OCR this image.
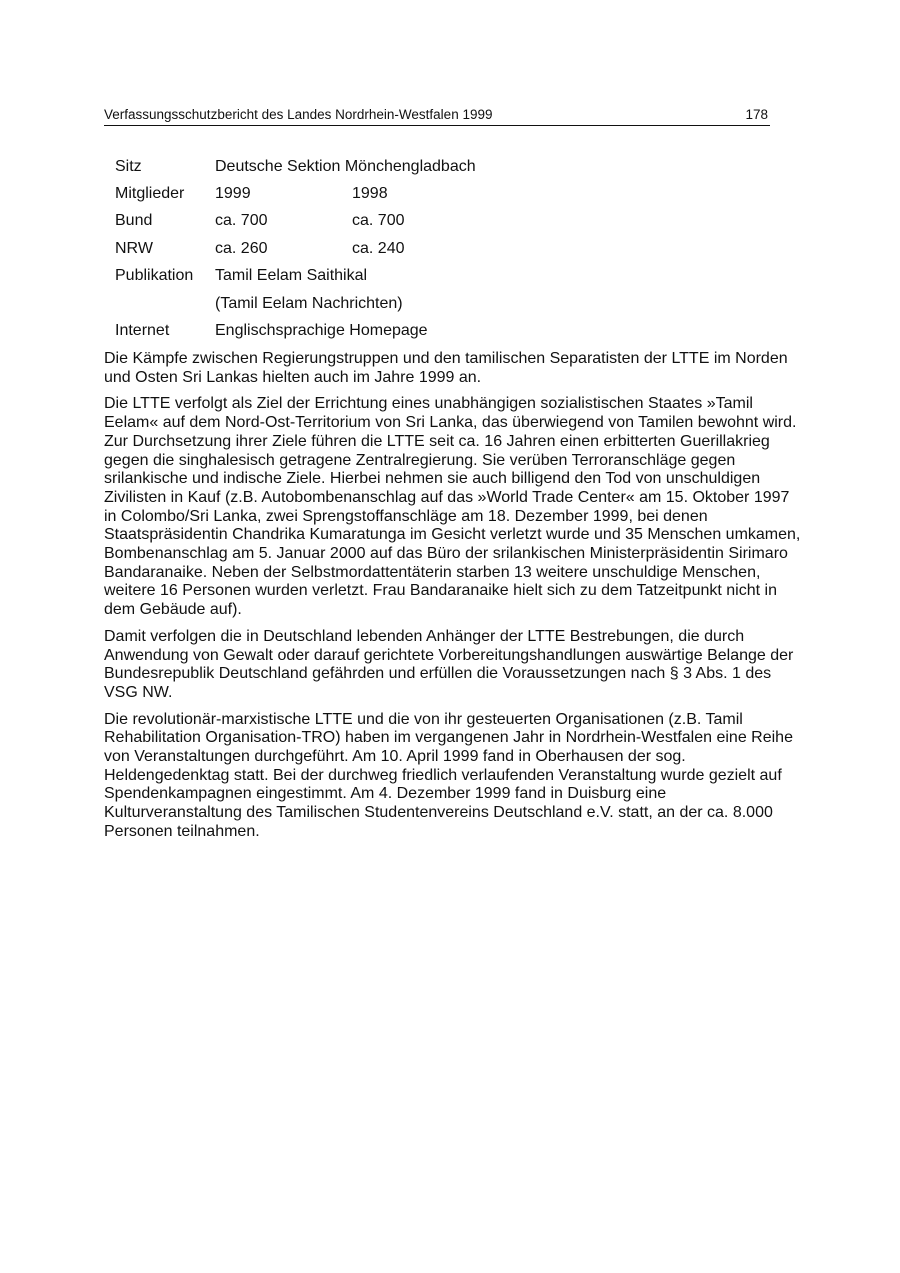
Verfassungsschutzbericht des Landes Nordrhein-Westfalen 1999	178
Sitz	Deutsche Sektion Mönchengladbach	
Mitglieder	1999	1998
Bund	ca. 700	ca. 700
NRW	ca. 260	ca. 240
Publikation	Tamil Eelam Saithikal	
	(Tamil Eelam Nachrichten)	
Internet	Englischsprachige Homepage	

Die Kämpfe zwischen Regierungstruppen und den tamilischen Separatisten der LTTE im Norden und Osten Sri Lankas hielten auch im Jahre 1999 an.

Die LTTE verfolgt als Ziel der Errichtung eines unabhängigen sozialistischen Staates »Tamil Eelam« auf dem Nord-Ost-Territorium von Sri Lanka, das überwiegend von Tamilen bewohnt wird. Zur Durchsetzung ihrer Ziele führen die LTTE seit ca. 16 Jahren einen erbitterten Guerillakrieg gegen die singhalesisch getragene Zentralregierung. Sie verüben Terroranschläge gegen srilankische und indische Ziele. Hierbei nehmen sie auch billigend den Tod von unschuldigen Zivilisten in Kauf (z.B. Autobombenanschlag auf das »World Trade Center« am 15. Oktober 1997 in Colombo/Sri Lanka, zwei Sprengstoffanschläge am 18. Dezember 1999, bei denen Staatspräsidentin Chandrika Kumaratunga im Gesicht verletzt wurde und 35 Menschen umkamen, Bombenanschlag am 5. Januar 2000 auf das Büro der srilankischen Ministerpräsidentin Sirimaro Bandaranaike. Neben der Selbstmordattentäterin starben 13 weitere unschuldige Menschen, weitere 16 Personen wurden verletzt. Frau Bandaranaike hielt sich zu dem Tatzeitpunkt nicht in dem Gebäude auf).

Damit verfolgen die in Deutschland lebenden Anhänger der LTTE Bestrebungen, die durch Anwendung von Gewalt oder darauf gerichtete Vorbereitungshandlungen auswärtige Belange der Bundesrepublik Deutschland gefährden und erfüllen die Voraussetzungen nach § 3 Abs. 1 des VSG NW.

Die revolutionär-marxistische LTTE und die von ihr gesteuerten Organisationen (z.B. Tamil Rehabilitation Organisation-TRO) haben im vergangenen Jahr in Nordrhein-Westfalen eine Reihe von Veranstaltungen durchgeführt. Am 10. April 1999 fand in Oberhausen der sog. Heldengedenktag statt. Bei der durchweg friedlich verlaufenden Veranstaltung wurde gezielt auf Spendenkampagnen eingestimmt. Am 4. Dezember 1999 fand in Duisburg eine Kulturveranstaltung des Tamilischen Studentenvereins Deutschland e.V. statt, an der ca. 8.000 Personen teilnahmen.
